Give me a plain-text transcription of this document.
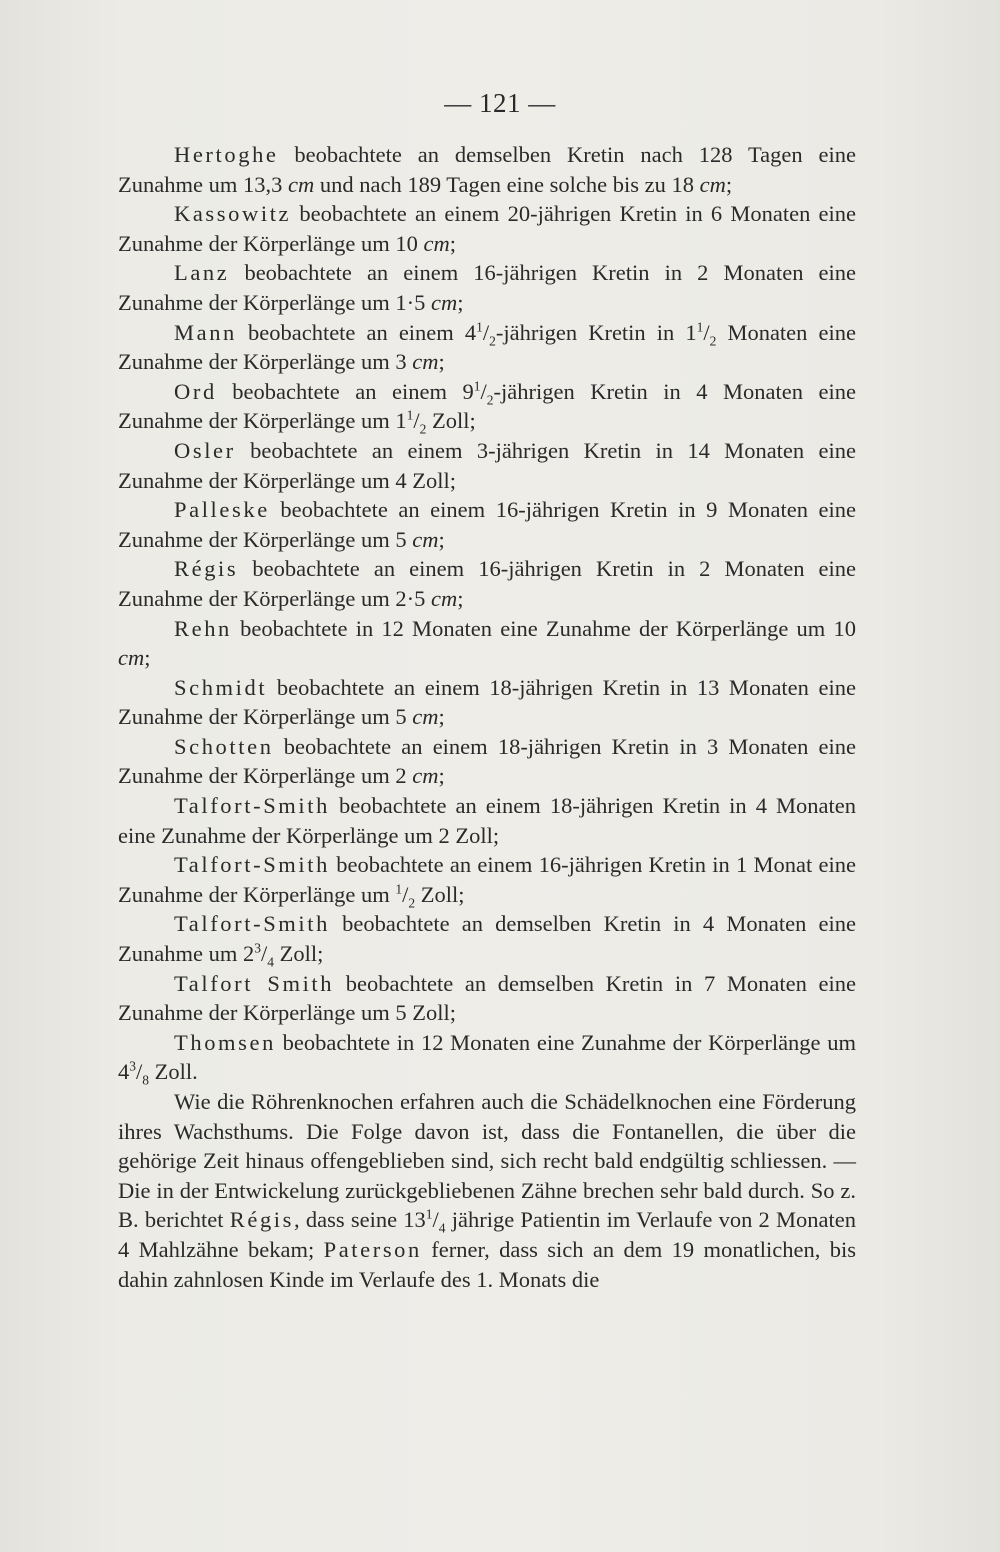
— 121 —

Hertoghe beobachtete an demselben Kretin nach 128 Tagen eine Zunahme um 13,3 cm und nach 189 Tagen eine solche bis zu 18 cm;

Kassowitz beobachtete an einem 20-jährigen Kretin in 6 Monaten eine Zunahme der Körperlänge um 10 cm;

Lanz beobachtete an einem 16-jährigen Kretin in 2 Monaten eine Zunahme der Körperlänge um 1·5 cm;

Mann beobachtete an einem $4^1/_2$-jährigen Kretin in $1^1/_2$ Monaten eine Zunahme der Körperlänge um 3 cm;

Ord beobachtete an einem $9^1/_2$-jährigen Kretin in 4 Monaten eine Zunahme der Körperlänge um $1^1/_2$ Zoll;

Osler beobachtete an einem 3-jährigen Kretin in 14 Monaten eine Zunahme der Körperlänge um 4 Zoll;

Palleske beobachtete an einem 16-jährigen Kretin in 9 Monaten eine Zunahme der Körperlänge um 5 cm;

Régis beobachtete an einem 16-jährigen Kretin in 2 Monaten eine Zunahme der Körperlänge um 2·5 cm;

Rehn beobachtete in 12 Monaten eine Zunahme der Körperlänge um 10 cm;

Schmidt beobachtete an einem 18-jährigen Kretin in 13 Monaten eine Zunahme der Körperlänge um 5 cm;

Schotten beobachtete an einem 18-jährigen Kretin in 3 Monaten eine Zunahme der Körperlänge um 2 cm;

Talfort-Smith beobachtete an einem 18-jährigen Kretin in 4 Monaten eine Zunahme der Körperlänge um 2 Zoll;

Talfort-Smith beobachtete an einem 16-jährigen Kretin in 1 Monat eine Zunahme der Körperlänge um $^1/_2$ Zoll;

Talfort-Smith beobachtete an demselben Kretin in 4 Monaten eine Zunahme um $2^3/_4$ Zoll;

Talfort Smith beobachtete an demselben Kretin in 7 Monaten eine Zunahme der Körperlänge um 5 Zoll;

Thomsen beobachtete in 12 Monaten eine Zunahme der Körperlänge um $4^3/_8$ Zoll.

Wie die Röhrenknochen erfahren auch die Schädelknochen eine Förderung ihres Wachsthums. Die Folge davon ist, dass die Fontanellen, die über die gehörige Zeit hinaus offengeblieben sind, sich recht bald endgültig schliessen. — Die in der Entwickelung zurückgebliebenen Zähne brechen sehr bald durch. So z. B. berichtet Régis, dass seine $13^1/_4$ jährige Patientin im Verlaufe von 2 Monaten 4 Mahlzähne bekam; Paterson ferner, dass sich an dem 19 monatlichen, bis dahin zahnlosen Kinde im Verlaufe des 1. Monats die
